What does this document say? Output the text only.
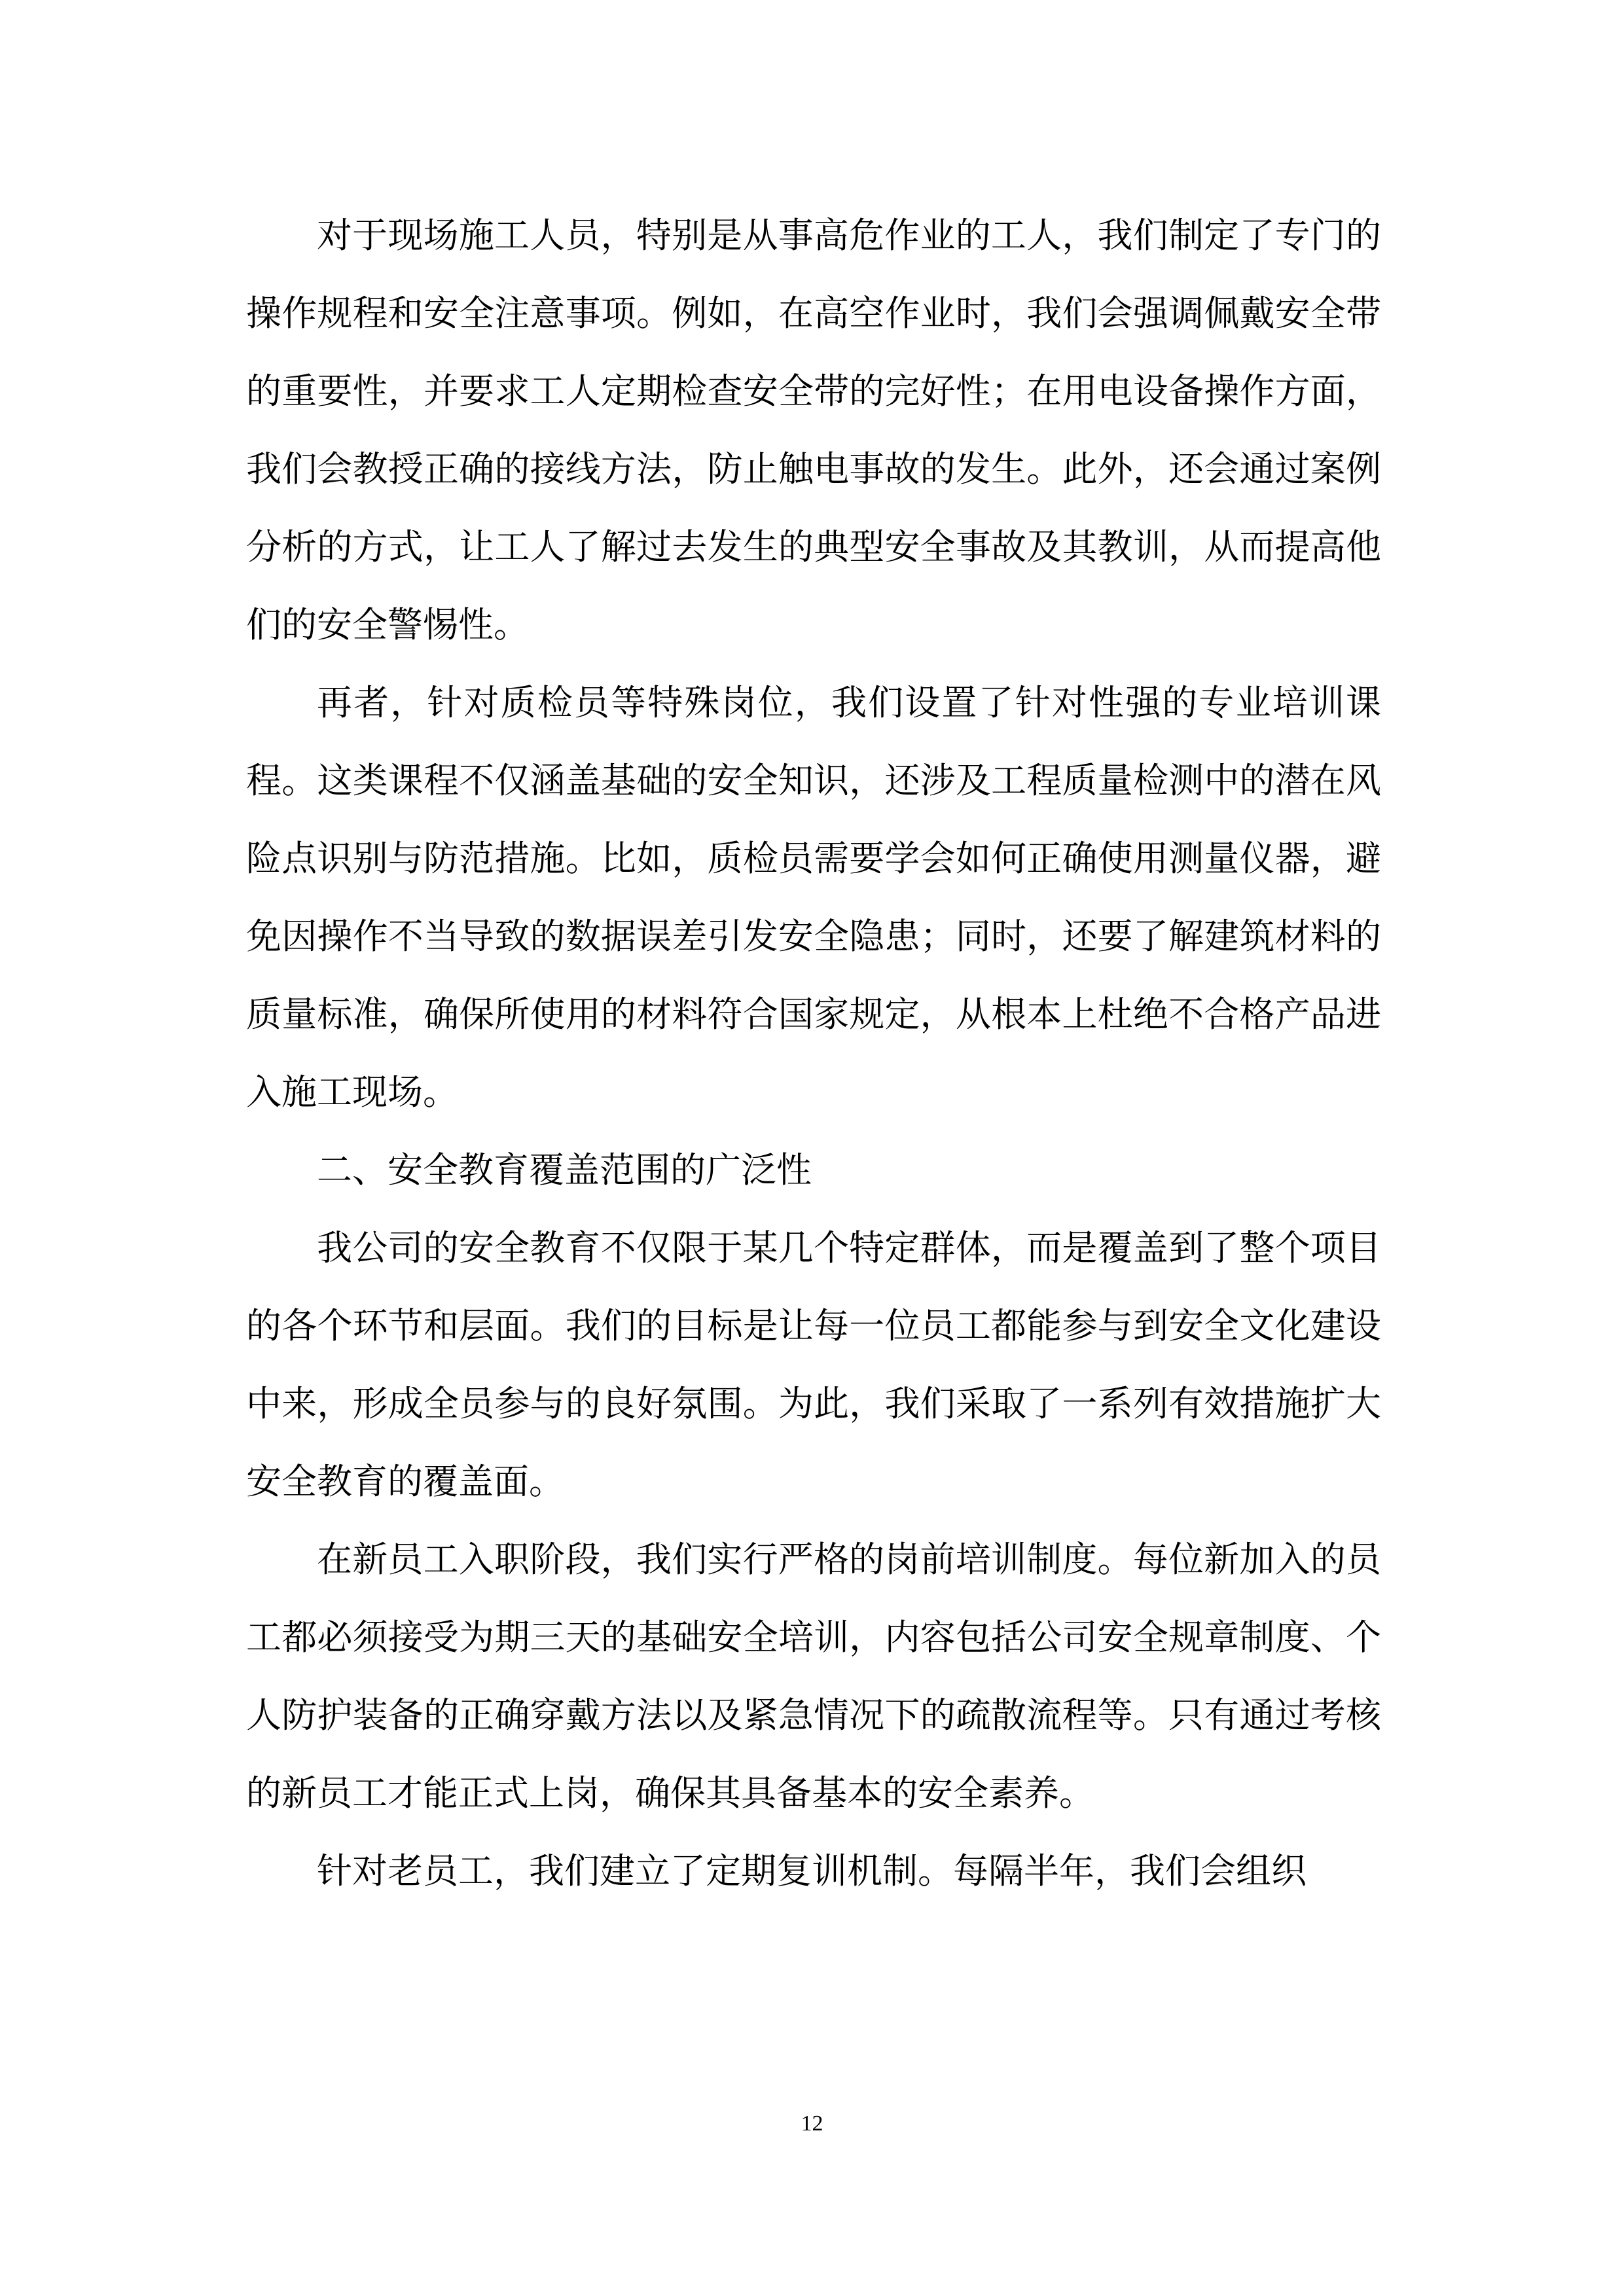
对于现场施工人员，特别是从事高危作业的工人，我们制定了专门的操作规程和安全注意事项。例如，在高空作业时，我们会强调佩戴安全带的重要性，并要求工人定期检查安全带的完好性；在用电设备操作方面，我们会教授正确的接线方法，防止触电事故的发生。此外，还会通过案例分析的方式，让工人了解过去发生的典型安全事故及其教训，从而提高他们的安全警惕性。

再者，针对质检员等特殊岗位，我们设置了针对性强的专业培训课程。这类课程不仅涵盖基础的安全知识，还涉及工程质量检测中的潜在风险点识别与防范措施。比如，质检员需要学会如何正确使用测量仪器，避免因操作不当导致的数据误差引发安全隐患；同时，还要了解建筑材料的质量标准，确保所使用的材料符合国家规定，从根本上杜绝不合格产品进入施工现场。

二、安全教育覆盖范围的广泛性

我公司的安全教育不仅限于某几个特定群体，而是覆盖到了整个项目的各个环节和层面。我们的目标是让每一位员工都能参与到安全文化建设中来，形成全员参与的良好氛围。为此，我们采取了一系列有效措施扩大安全教育的覆盖面。

在新员工入职阶段，我们实行严格的岗前培训制度。每位新加入的员工都必须接受为期三天的基础安全培训，内容包括公司安全规章制度、个人防护装备的正确穿戴方法以及紧急情况下的疏散流程等。只有通过考核的新员工才能正式上岗，确保其具备基本的安全素养。

针对老员工，我们建立了定期复训机制。每隔半年，我们会组织

12
